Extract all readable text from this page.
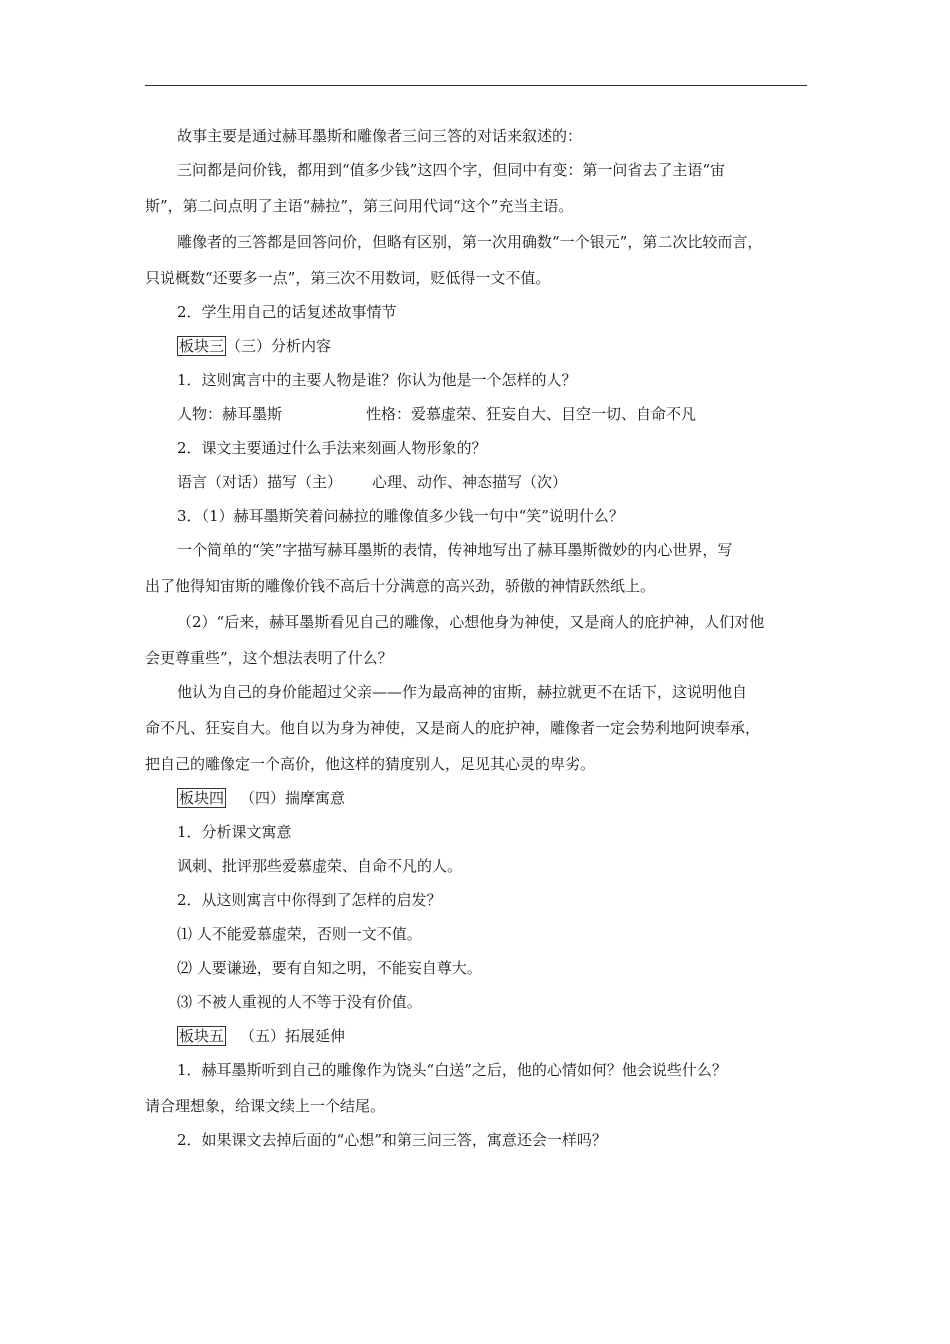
故事主要是通过赫耳墨斯和雕像者三问三答的对话来叙述的：
三问都是问价钱，都用到“值多少钱”这四个字，但同中有变：第一问省去了主语“宙
斯”，第二问点明了主语“赫拉”，第三问用代词“这个”充当主语。
雕像者的三答都是回答问价，但略有区别，第一次用确数“一个银元”，第二次比较而言，
只说概数“还要多一点”，第三次不用数词，贬低得一文不值。
2．学生用自己的话复述故事情节
板块三 （三）分析内容
1．这则寓言中的主要人物是谁？你认为他是一个怎样的人？
人物：赫耳墨斯	性格：爱慕虚荣、狂妄自大、目空一切、自命不凡
2．课文主要通过什么手法来刻画人物形象的？
语言（对话）描写（主） 心理、动作、神态描写（次）
3．（1）赫耳墨斯笑着问赫拉的雕像值多少钱一句中“笑”说明什么？
一个简单的“笑”字描写赫耳墨斯的表情，传神地写出了赫耳墨斯微妙的内心世界，写
出了他得知宙斯的雕像价钱不高后十分满意的高兴劲，骄傲的神情跃然纸上。
（2）“后来，赫耳墨斯看见自己的雕像，心想他身为神使，又是商人的庇护神，人们对他
会更尊重些”，这个想法表明了什么？
他认为自己的身价能超过父亲——作为最高神的宙斯，赫拉就更不在话下，这说明他自
命不凡、狂妄自大。他自以为身为神使，又是商人的庇护神，雕像者一定会势利地阿谀奉承，
把自己的雕像定一个高价，他这样的猜度别人，足见其心灵的卑劣。
板块四 （四）揣摩寓意
1．分析课文寓意
讽刺、批评那些爱慕虚荣、自命不凡的人。
2．从这则寓言中你得到了怎样的启发？
⑴ 人不能爱慕虚荣，否则一文不值。
⑵ 人要谦逊，要有自知之明，不能妄自尊大。
⑶ 不被人重视的人不等于没有价值。
板块五 （五）拓展延伸
1．赫耳墨斯听到自己的雕像作为饶头“白送”之后，他的心情如何？他会说些什么？
请合理想象，给课文续上一个结尾。
2．如果课文去掉后面的“心想”和第三问三答，寓意还会一样吗？
